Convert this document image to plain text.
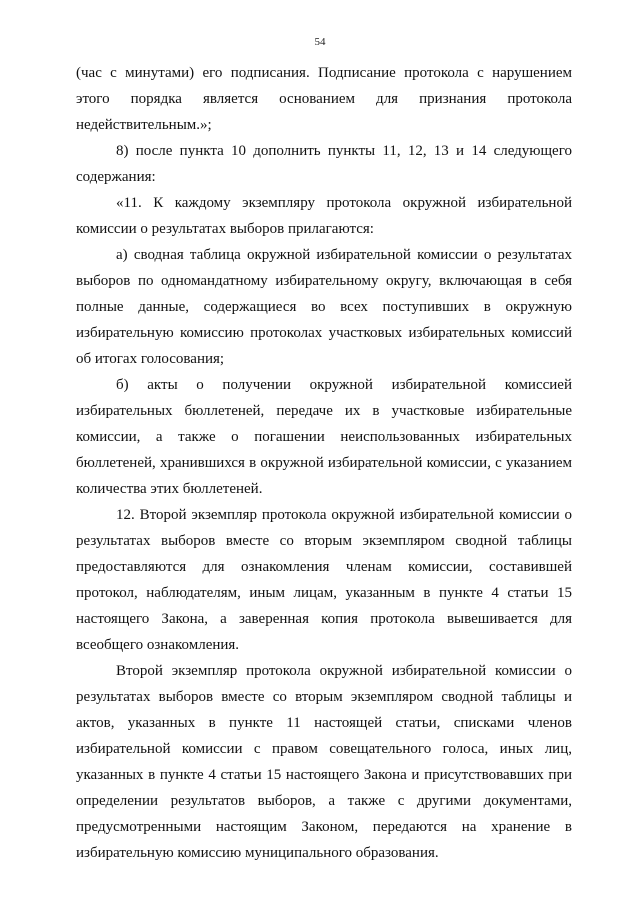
54

(час с минутами) его подписания. Подписание протокола с нарушением этого порядка является основанием для признания протокола недействительным.»;

8) после пункта 10 дополнить пункты 11, 12, 13 и 14 следующего содержания:

«11. К каждому экземпляру протокола окружной избирательной комиссии о результатах выборов прилагаются:

а) сводная таблица окружной избирательной комиссии о результатах выборов по одномандатному избирательному округу, включающая в себя полные данные, содержащиеся во всех поступивших в окружную избирательную комиссию протоколах участковых избирательных комиссий об итогах голосования;

б) акты о получении окружной избирательной комиссией избирательных бюллетеней, передаче их в участковые избирательные комиссии, а также о погашении неиспользованных избирательных бюллетеней, хранившихся в окружной избирательной комиссии, с указанием количества этих бюллетеней.

12. Второй экземпляр протокола окружной избирательной комиссии о результатах выборов вместе со вторым экземпляром сводной таблицы предоставляются для ознакомления членам комиссии, составившей протокол, наблюдателям, иным лицам, указанным в пункте 4 статьи 15 настоящего Закона, а заверенная копия протокола вывешивается для всеобщего ознакомления.

Второй экземпляр протокола окружной избирательной комиссии о результатах выборов вместе со вторым экземпляром сводной таблицы и актов, указанных в пункте 11 настоящей статьи, списками членов избирательной комиссии с правом совещательного голоса, иных лиц, указанных в пункте 4 статьи 15 настоящего Закона и присутствовавших при определении результатов выборов, а также с другими документами, предусмотренными настоящим Законом, передаются на хранение в избирательную комиссию муниципального образования.
